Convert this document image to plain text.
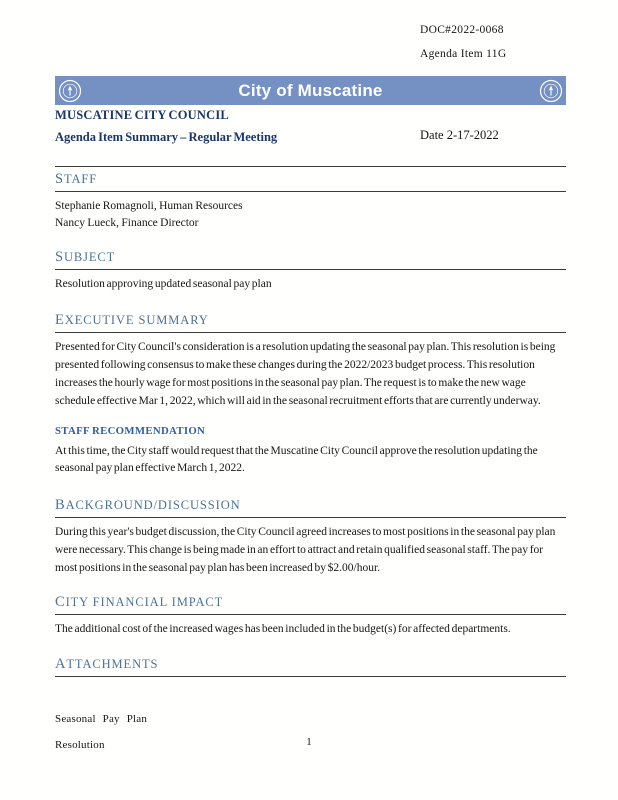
DOC#2022-0068
Agenda Item 11G
City of Muscatine
MUSCATINE CITY COUNCIL
Agenda Item Summary – Regular Meeting	Date 2-17-2022
STAFF
Stephanie Romagnoli, Human Resources
Nancy Lueck, Finance Director
SUBJECT
Resolution approving updated seasonal pay plan
EXECUTIVE SUMMARY
Presented for City Council's consideration is a resolution updating the seasonal pay plan. This resolution is being presented following consensus to make these changes during the 2022/2023 budget process. This resolution increases the hourly wage for most positions in the seasonal pay plan. The request is to make the new wage schedule effective Mar 1, 2022, which will aid in the seasonal recruitment efforts that are currently underway.
STAFF RECOMMENDATION
At this time, the City staff would request that the Muscatine City Council approve the resolution updating the seasonal pay plan effective March 1, 2022.
BACKGROUND/DISCUSSION
During this year's budget discussion, the City Council agreed increases to most positions in the seasonal pay plan were necessary. This change is being made in an effort to attract and retain qualified seasonal staff. The pay for most positions in the seasonal pay plan has been increased by $2.00/hour.
CITY FINANCIAL IMPACT
The additional cost of the increased wages has been included in the budget(s) for affected departments.
ATTACHMENTS
Seasonal Pay Plan
Resolution	1
